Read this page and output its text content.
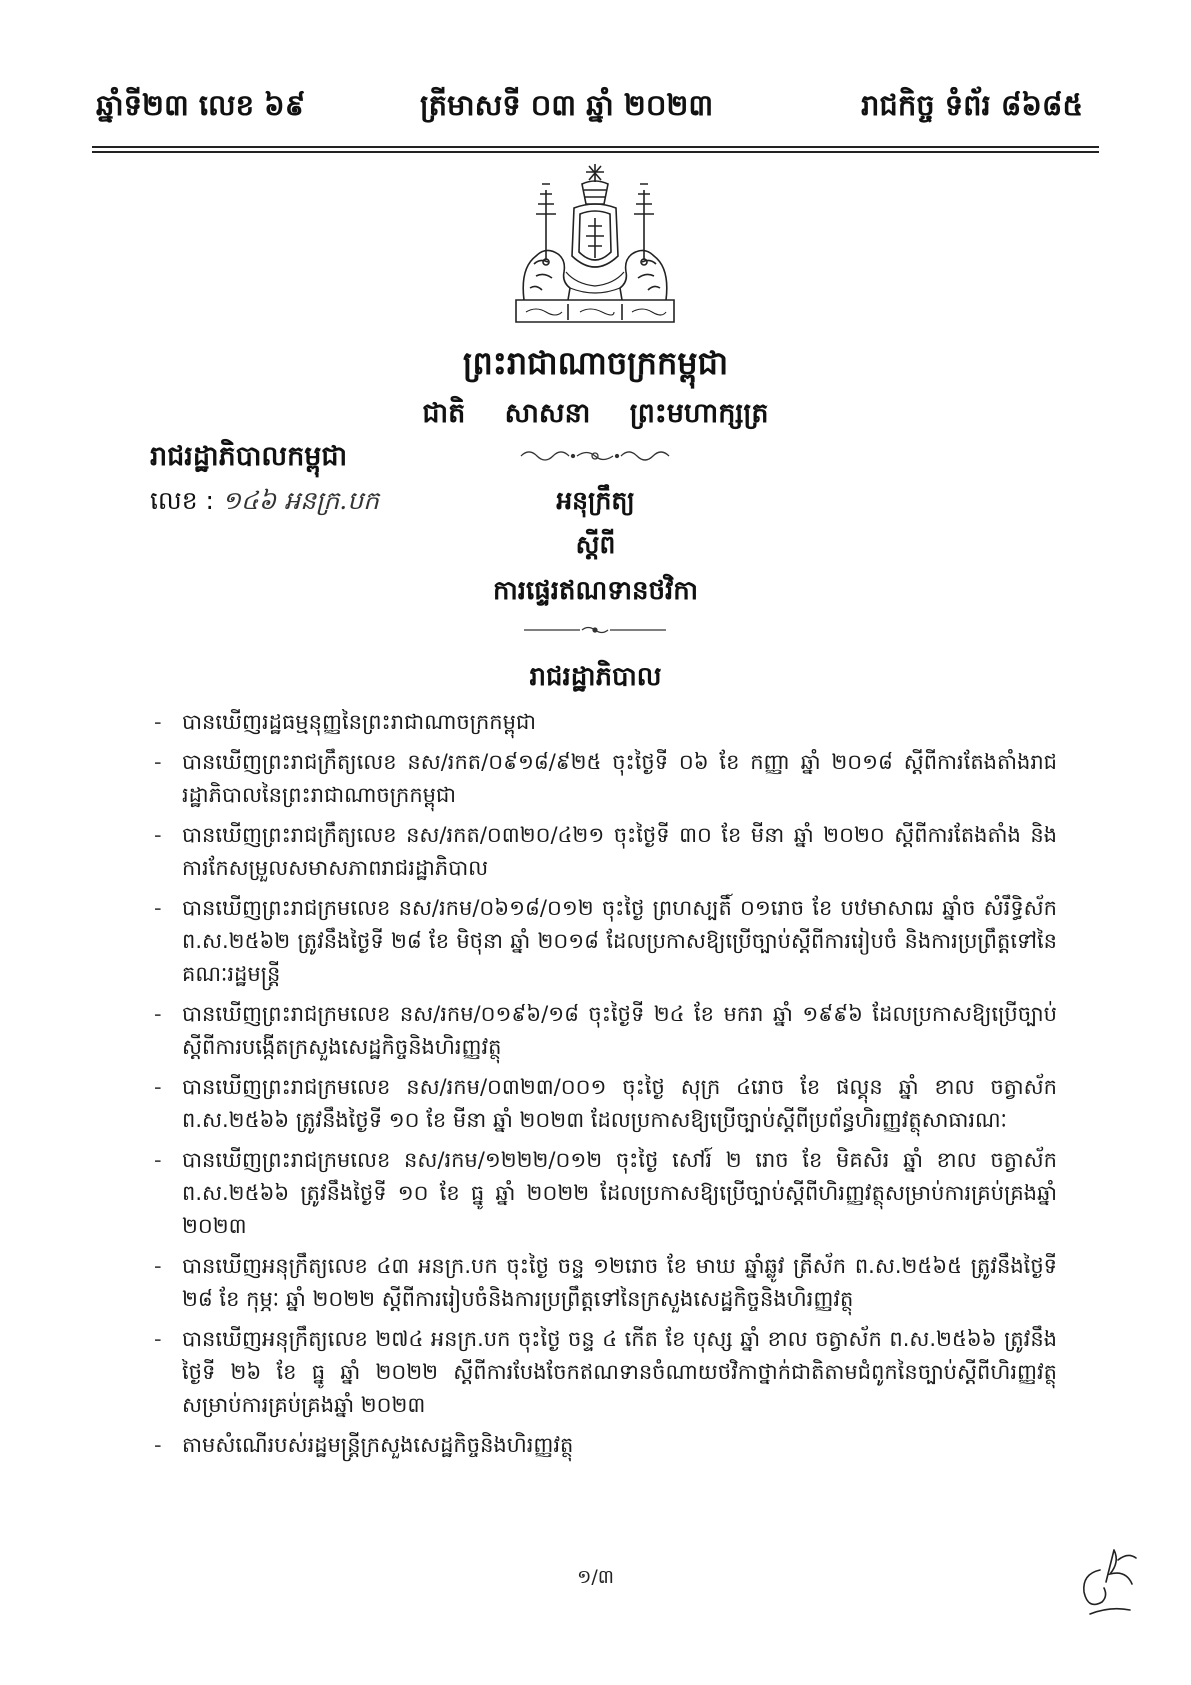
ឆ្នាំទី២៣ លេខ ៦៩	ត្រីមាសទី ០៣ ឆ្នាំ ២០២៣	រាជកិច្ច ទំព័រ ៨៦៨៥
ព្រះរាជាណាចក្រកម្ពុជា
ជាតិ សាសនា ព្រះមហាក្សត្រ
រាជរដ្ឋាភិបាលកម្ពុជា
លេខ : ១៤៦ អនក្រ.បក	អនុក្រឹត្យ
ស្តីពី
ការផ្ទេរឥណទានថវិកា
រាជរដ្ឋាភិបាល
- បានឃើញរដ្ឋធម្មនុញ្ញនៃព្រះរាជាណាចក្រកម្ពុជា
- បានឃើញព្រះរាជក្រឹត្យលេខ នស/រកត/០៩១៨/៩២៥ ចុះថ្ងៃទី ០៦ ខែ កញ្ញា ឆ្នាំ ២០១៨ ស្តីពីការតែងតាំងរាជរដ្ឋាភិបាលនៃព្រះរាជាណាចក្រកម្ពុជា
- បានឃើញព្រះរាជក្រឹត្យលេខ នស/រកត/០៣២០/៤២១ ចុះថ្ងៃទី ៣០ ខែ មីនា ឆ្នាំ ២០២០ ស្តីពីការតែងតាំង និងការកែសម្រួលសមាសភាពរាជរដ្ឋាភិបាល
- បានឃើញព្រះរាជក្រមលេខ នស/រកម/០៦១៨/០១២ ចុះថ្ងៃ ព្រហស្បតិ៍ ០១រោច ខែ បឋមាសាឍ ឆ្នាំច សំរឹទ្ធិស័ក ព.ស.២៥៦២ ត្រូវនឹងថ្ងៃទី ២៨ ខែ មិថុនា ឆ្នាំ ២០១៨ ដែលប្រកាសឱ្យប្រើច្បាប់ស្តីពីការរៀបចំ និងការប្រព្រឹត្តទៅនៃគណៈរដ្ឋមន្ត្រី
- បានឃើញព្រះរាជក្រមលេខ នស/រកម/០១៩៦/១៨ ចុះថ្ងៃទី ២៤ ខែ មករា ឆ្នាំ ១៩៩៦ ដែលប្រកាសឱ្យប្រើច្បាប់ស្តីពីការបង្កើតក្រសួងសេដ្ឋកិច្ចនិងហិរញ្ញវត្ថុ
- បានឃើញព្រះរាជក្រមលេខ នស/រកម/០៣២៣/០០១ ចុះថ្ងៃ សុក្រ ៤រោច ខែ ផល្គុន ឆ្នាំ ខាល ចត្វាស័ក ព.ស.២៥៦៦ ត្រូវនឹងថ្ងៃទី ១០ ខែ មីនា ឆ្នាំ ២០២៣ ដែលប្រកាសឱ្យប្រើច្បាប់ស្តីពីប្រព័ន្ធហិរញ្ញវត្ថុសាធារណៈ
- បានឃើញព្រះរាជក្រមលេខ នស/រកម/១២២២/០១២ ចុះថ្ងៃ សៅរ៍ ២ រោច ខែ មិគសិរ ឆ្នាំ ខាល ចត្វាស័ក ព.ស.២៥៦៦ ត្រូវនឹងថ្ងៃទី ១០ ខែ ធ្នូ ឆ្នាំ ២០២២ ដែលប្រកាសឱ្យប្រើច្បាប់ស្តីពីហិរញ្ញវត្ថុសម្រាប់ការគ្រប់គ្រងឆ្នាំ ២០២៣
- បានឃើញអនុក្រឹត្យលេខ ៤៣ អនក្រ.បក ចុះថ្ងៃ ចន្ទ ១២រោច ខែ មាឃ ឆ្នាំឆ្លូវ ត្រីស័ក ព.ស.២៥៦៥ ត្រូវនឹងថ្ងៃទី ២៨ ខែ កុម្ភៈ ឆ្នាំ ២០២២ ស្តីពីការរៀបចំនិងការប្រព្រឹត្តទៅនៃក្រសួងសេដ្ឋកិច្ចនិងហិរញ្ញវត្ថុ
- បានឃើញអនុក្រឹត្យលេខ ២៧៤ អនក្រ.បក ចុះថ្ងៃ ចន្ទ ៤ កើត ខែ បុស្ស ឆ្នាំ ខាល ចត្វាស័ក ព.ស.២៥៦៦ ត្រូវនឹងថ្ងៃទី ២៦ ខែ ធ្នូ ឆ្នាំ ២០២២ ស្តីពីការបែងចែកឥណទានចំណាយថវិកាថ្នាក់ជាតិតាមជំពូកនៃច្បាប់ស្តីពីហិរញ្ញវត្ថុសម្រាប់ការគ្រប់គ្រងឆ្នាំ ២០២៣
- តាមសំណើរបស់រដ្ឋមន្ត្រីក្រសួងសេដ្ឋកិច្ចនិងហិរញ្ញវត្ថុ
១/៣
